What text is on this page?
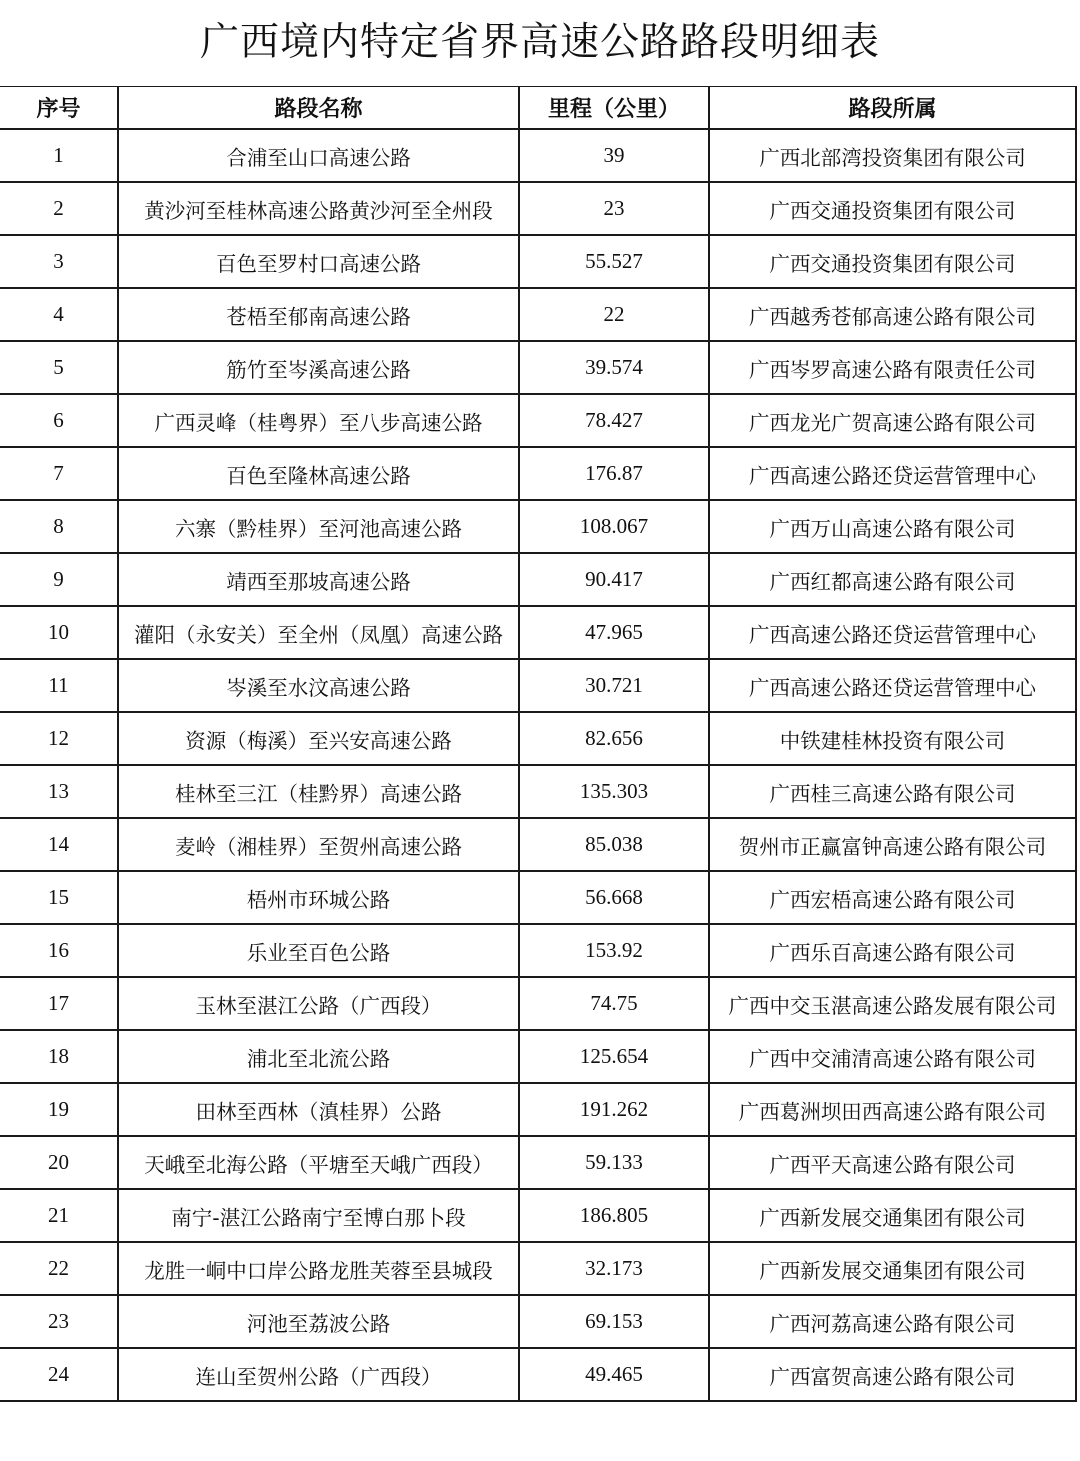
广西境内特定省界高速公路路段明细表
序号	路段名称	里程（公里）	路段所属
1	合浦至山口高速公路	39	广西北部湾投资集团有限公司
2	黄沙河至桂林高速公路黄沙河至全州段	23	广西交通投资集团有限公司
3	百色至罗村口高速公路	55.527	广西交通投资集团有限公司
4	苍梧至郁南高速公路	22	广西越秀苍郁高速公路有限公司
5	筋竹至岑溪高速公路	39.574	广西岑罗高速公路有限责任公司
6	广西灵峰（桂粤界）至八步高速公路	78.427	广西龙光广贺高速公路有限公司
7	百色至隆林高速公路	176.87	广西高速公路还贷运营管理中心
8	六寨（黔桂界）至河池高速公路	108.067	广西万山高速公路有限公司
9	靖西至那坡高速公路	90.417	广西红都高速公路有限公司
10	灌阳（永安关）至全州（凤凰）高速公路	47.965	广西高速公路还贷运营管理中心
11	岑溪至水汶高速公路	30.721	广西高速公路还贷运营管理中心
12	资源（梅溪）至兴安高速公路	82.656	中铁建桂林投资有限公司
13	桂林至三江（桂黔界）高速公路	135.303	广西桂三高速公路有限公司
14	麦岭（湘桂界）至贺州高速公路	85.038	贺州市正赢富钟高速公路有限公司
15	梧州市环城公路	56.668	广西宏梧高速公路有限公司
16	乐业至百色公路	153.92	广西乐百高速公路有限公司
17	玉林至湛江公路（广西段）	74.75	广西中交玉湛高速公路发展有限公司
18	浦北至北流公路	125.654	广西中交浦清高速公路有限公司
19	田林至西林（滇桂界）公路	191.262	广西葛洲坝田西高速公路有限公司
20	天峨至北海公路（平塘至天峨广西段）	59.133	广西平天高速公路有限公司
21	南宁-湛江公路南宁至博白那卜段	186.805	广西新发展交通集团有限公司
22	龙胜一峒中口岸公路龙胜芙蓉至县城段	32.173	广西新发展交通集团有限公司
23	河池至荔波公路	69.153	广西河荔高速公路有限公司
24	连山至贺州公路（广西段）	49.465	广西富贺高速公路有限公司
